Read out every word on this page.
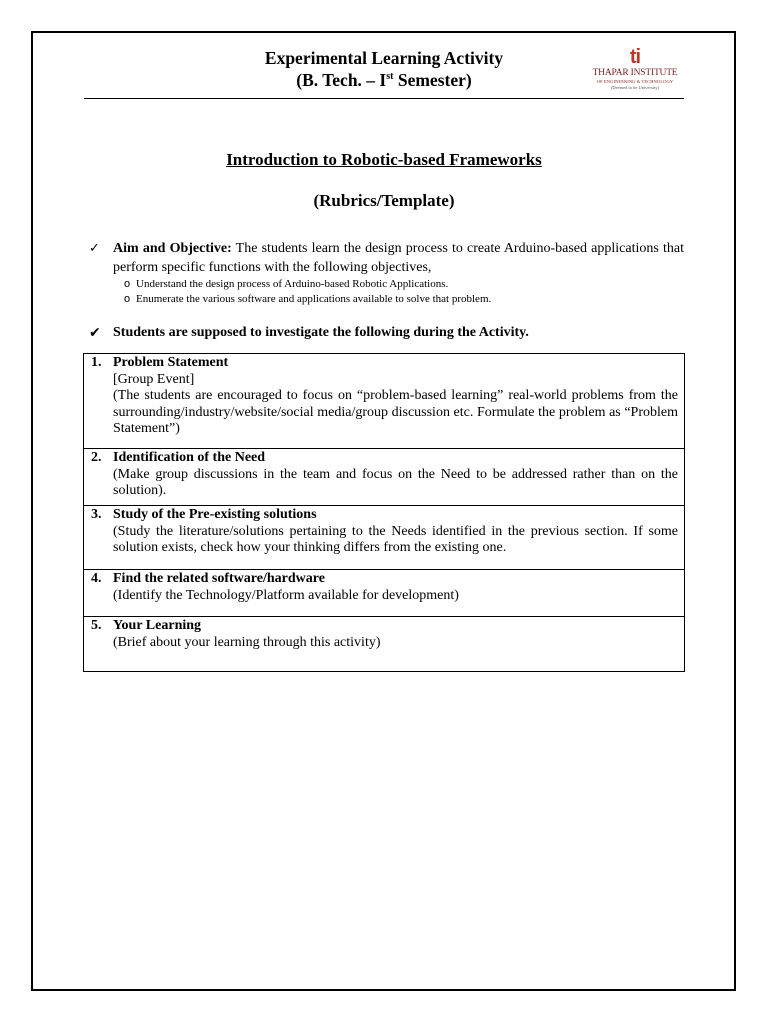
Experimental Learning Activity
(B. Tech. – Ist Semester)
ti
THAPAR INSTITUTE
OF ENGINEERING & TECHNOLOGY
(Deemed to be University)
Introduction to Robotic-based Frameworks
(Rubrics/Template)
✓ Aim and Objective: The students learn the design process to create Arduino-based applications that perform specific functions with the following objectives,
o Understand the design process of Arduino-based Robotic Applications.
o Enumerate the various software and applications available to solve that problem.
✔ Students are supposed to investigate the following during the Activity.
1. Problem Statement
[Group Event]
(The students are encouraged to focus on “problem-based learning” real-world problems from the surrounding/industry/website/social media/group discussion etc. Formulate the problem as “Problem Statement”)
2. Identification of the Need
(Make group discussions in the team and focus on the Need to be addressed rather than on the solution).
3. Study of the Pre-existing solutions
(Study the literature/solutions pertaining to the Needs identified in the previous section. If some solution exists, check how your thinking differs from the existing one.
4. Find the related software/hardware
(Identify the Technology/Platform available for development)
5. Your Learning
(Brief about your learning through this activity)
